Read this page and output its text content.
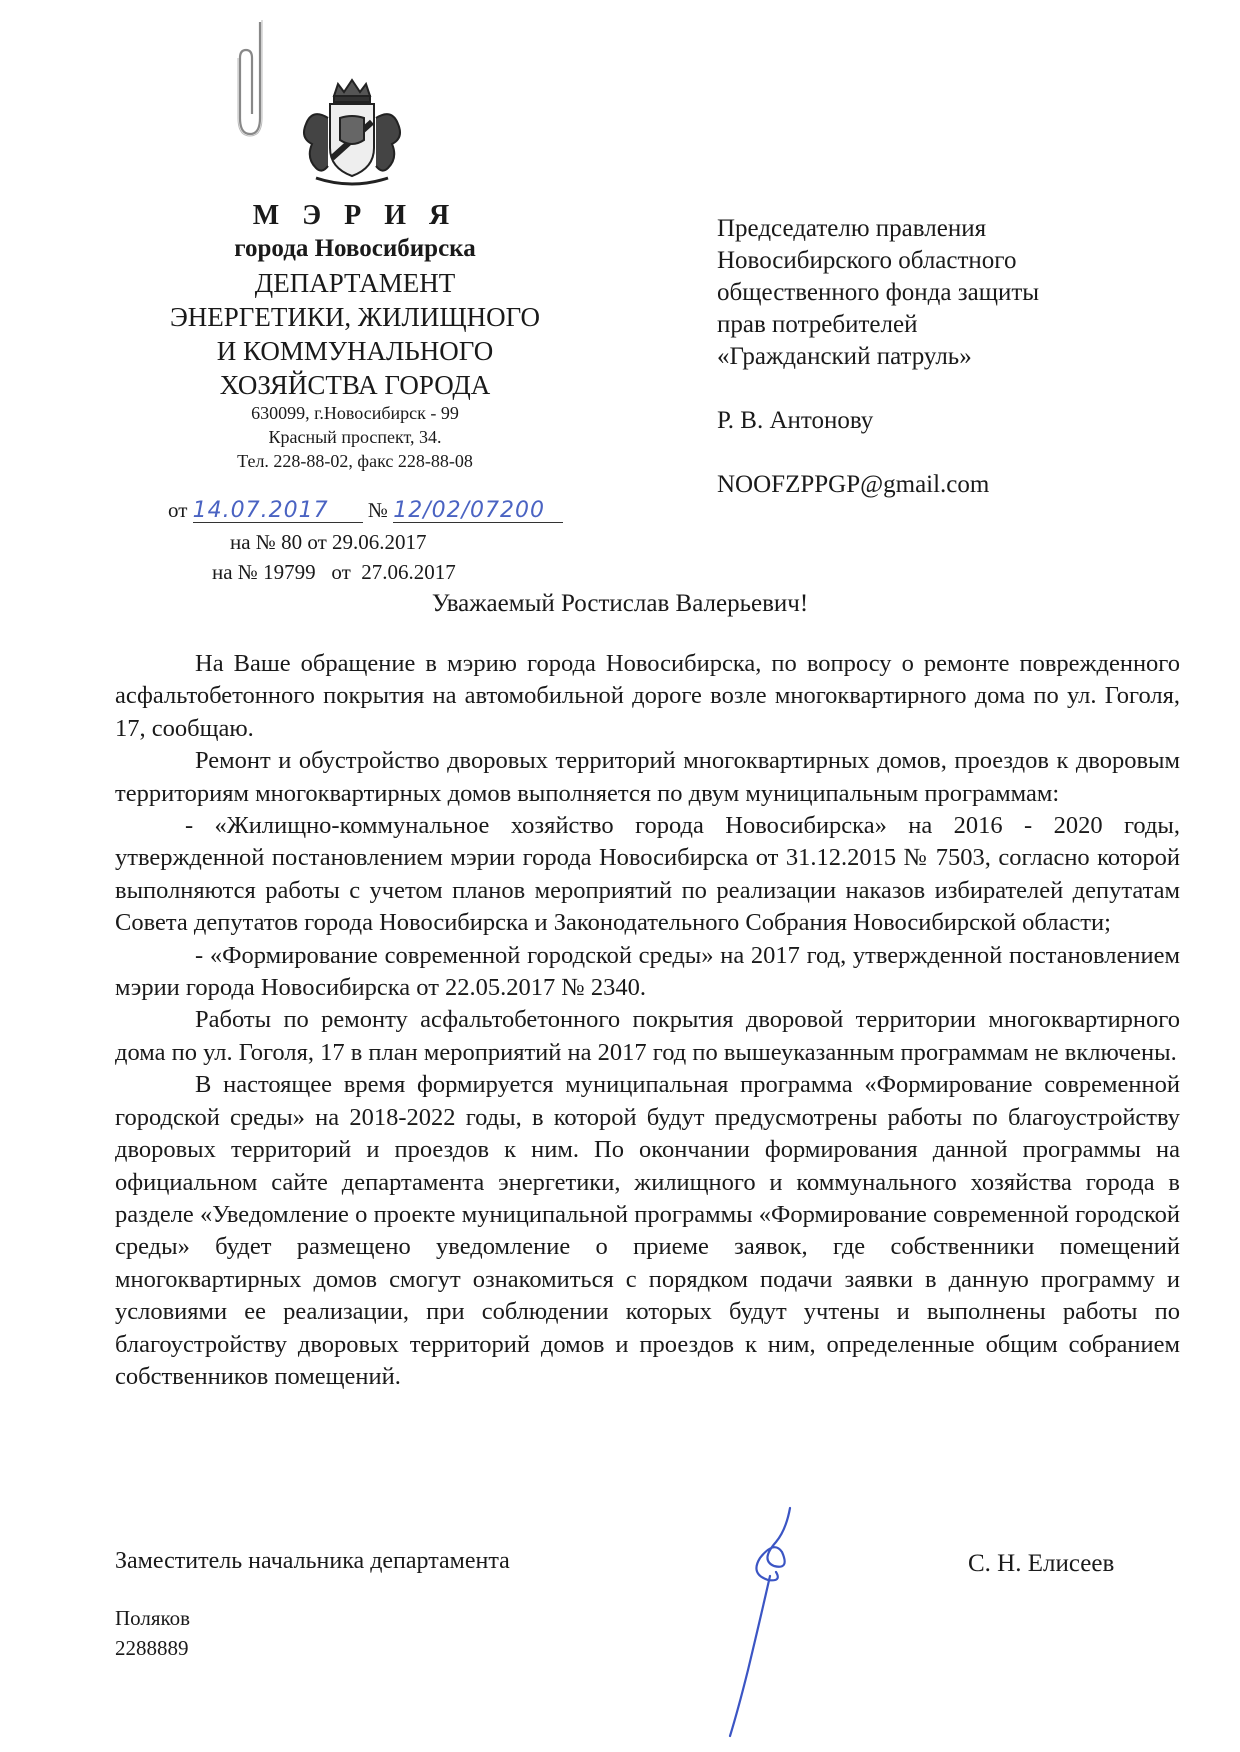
М Э Р И Я
города Новосибирска
ДЕПАРТАМЕНТ
ЭНЕРГЕТИКИ, ЖИЛИЩНОГО
И КОММУНАЛЬНОГО
ХОЗЯЙСТВА ГОРОДА
630099, г.Новосибирск - 99
Красный проспект, 34.
Тел. 228-88-02, факс 228-88-08
от 14.07.2017 № 12/02/07200
на № 80 от 29.06.2017
на № 19799   от  27.06.2017
Председателю правления
Новосибирского областного
общественного фонда защиты
прав потребителей
«Гражданский патруль»
Р. В. Антонову
NOOFZPPGP@gmail.com
Уважаемый Ростислав Валерьевич!

На Ваше обращение в мэрию города Новосибирска, по вопросу о ремонте поврежденного асфальтобетонного покрытия на автомобильной дороге возле многоквартирного дома по ул. Гоголя, 17, сообщаю.

Ремонт и обустройство дворовых территорий многоквартирных домов, проездов к дворовым территориям многоквартирных домов выполняется по двум муниципальным программам:

- «Жилищно-коммунальное хозяйство города Новосибирска» на 2016 - 2020 годы, утвержденной постановлением мэрии города Новосибирска от 31.12.2015 № 7503, согласно которой выполняются работы с учетом планов мероприятий по реализации наказов избирателей депутатам Совета депутатов города Новосибирска и Законодательного Собрания Новосибирской области;

- «Формирование современной городской среды» на 2017 год, утвержденной постановлением мэрии города Новосибирска от 22.05.2017 № 2340.

Работы по ремонту асфальтобетонного покрытия дворовой территории многоквартирного дома по ул. Гоголя, 17 в план мероприятий на 2017 год по вышеуказанным программам не включены.

В настоящее время формируется муниципальная программа «Формирование современной городской среды» на 2018-2022 годы, в которой будут предусмотрены работы по благоустройству дворовых территорий и проездов к ним. По окончании формирования данной программы на официальном сайте департамента энергетики, жилищного и коммунального хозяйства города в разделе «Уведомление о проекте муниципальной программы «Формирование современной городской среды» будет размещено уведомление о приеме заявок, где собственники помещений многоквартирных домов смогут ознакомиться с порядком подачи заявки в данную программу и условиями ее реализации, при соблюдении которых будут учтены и выполнены работы по благоустройству дворовых территорий домов и проездов к ним, определенные общим собранием собственников помещений.

Заместитель начальника департамента	С. Н. Елисеев
Поляков
2288889
